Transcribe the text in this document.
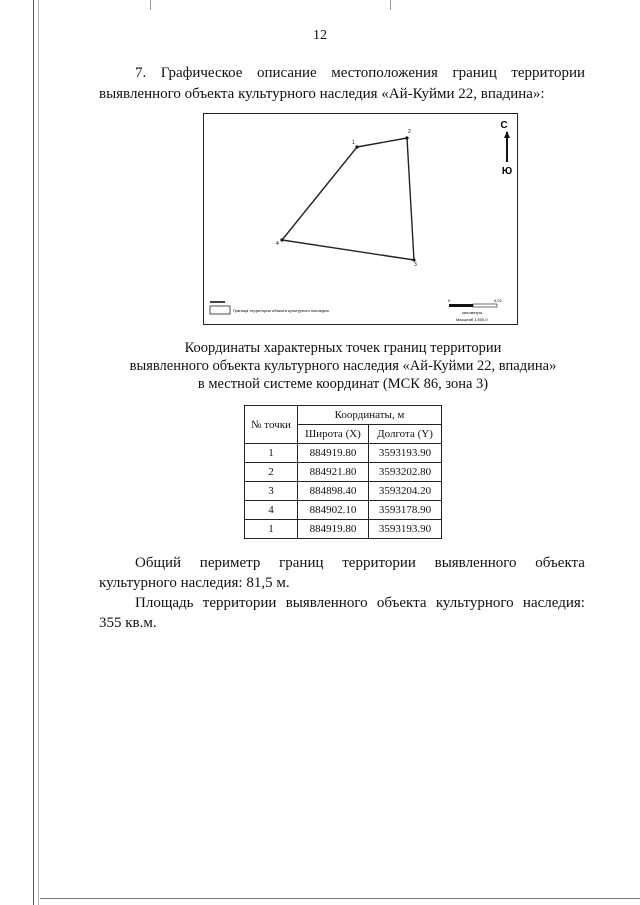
12
7. Графическое описание местоположения границ территории
выявленного объекта культурного наследия «Ай-Куйми 22, впадина»:
1
2
3
4
С
Ю
Граница территории объекта культурного наследия
0	0,01
километры
Масштаб 1:500,0
Координаты характерных точек границ территории
выявленного объекта культурного наследия «Ай-Куйми 22, впадина»
в местной системе координат (МСК 86, зона 3)
№ точки	Координаты, м	
	Широта (X)	Долгота (Y)
1	884919.80	3593193.90
2	884921.80	3593202.80
3	884898.40	3593204.20
4	884902.10	3593178.90
1	884919.80	3593193.90
Общий периметр границ территории выявленного объекта
культурного наследия: 81,5 м.
Площадь территории выявленного объекта культурного наследия:
355 кв.м.
